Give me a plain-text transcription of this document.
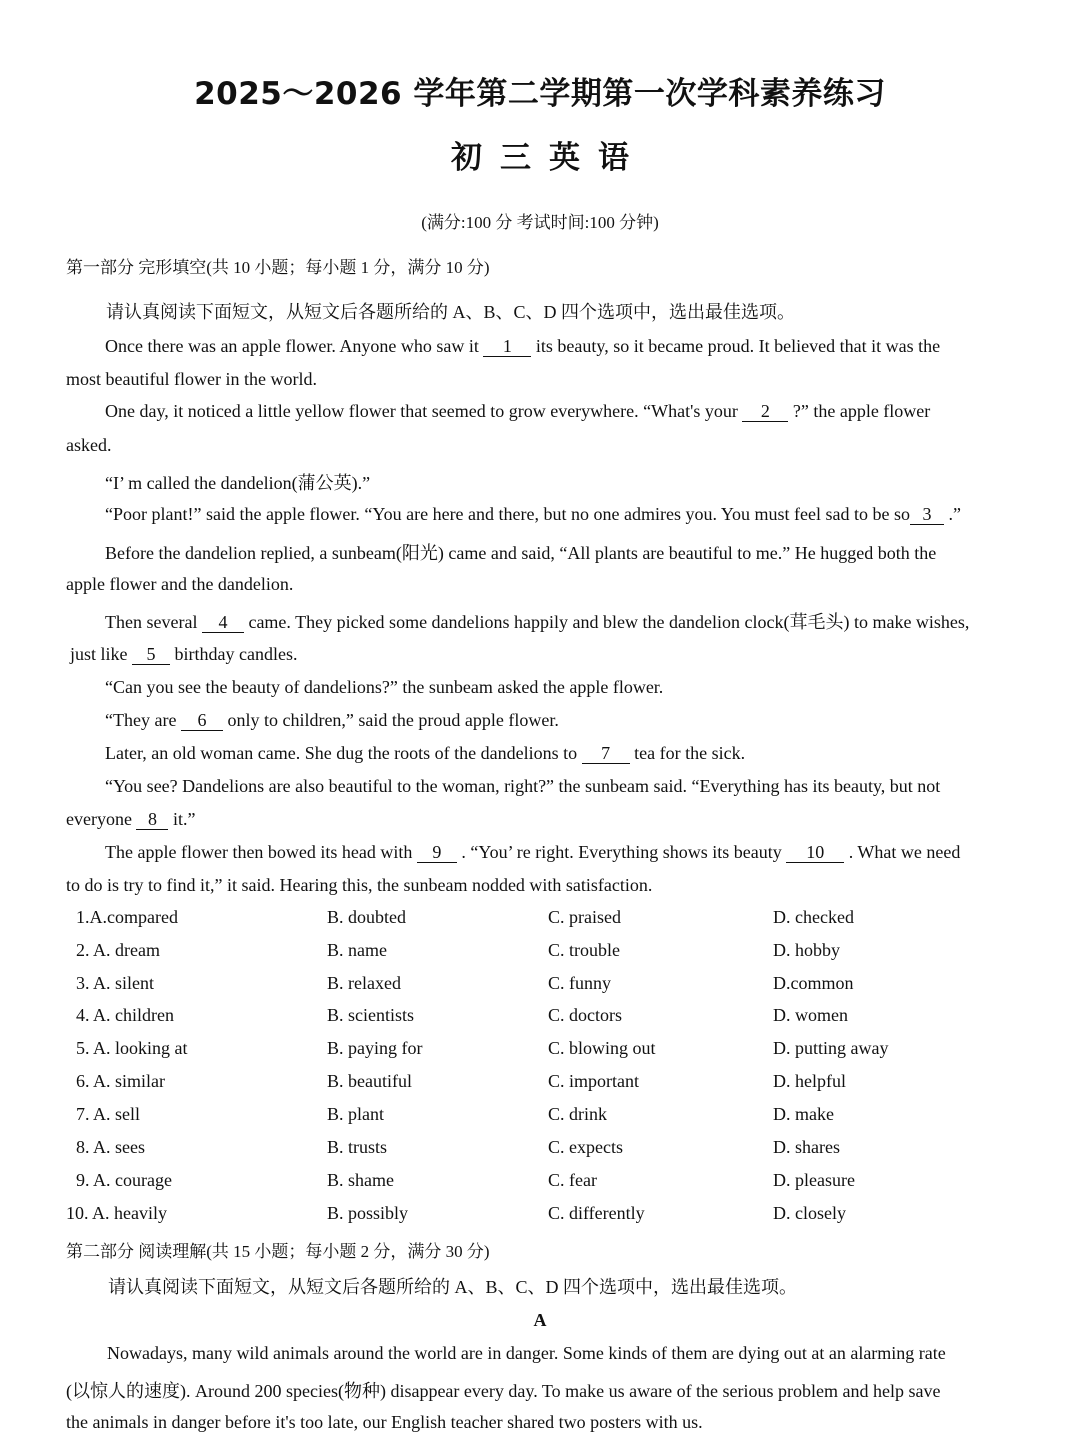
2025～2026 学年第二学期第一次学科素养练习
初三英语
(满分:100 分 考试时间:100 分钟)
第一部分 完形填空(共 10 小题；每小题 1 分，满分 10 分)
请认真阅读下面短文，从短文后各题所给的 A、B、C、D 四个选项中，选出最佳选项。
Once there was an apple flower. Anyone who saw it 1 its beauty, so it became proud. It believed that it was the
most beautiful flower in the world.
One day, it noticed a little yellow flower that seemed to grow everywhere. “What's your 2 ?” the apple flower
asked.
“I’ m called the dandelion(蒲公英).”
“Poor plant!” said the apple flower. “You are here and there, but no one admires you. You must feel sad to be so 3 .”
Before the dandelion replied, a sunbeam(阳光) came and said, “All plants are beautiful to me.” He hugged both the
apple flower and the dandelion.
Then several 4 came. They picked some dandelions happily and blew the dandelion clock(茸毛头) to make wishes,
just like 5 birthday candles.
“Can you see the beauty of dandelions?” the sunbeam asked the apple flower.
“They are 6 only to children,” said the proud apple flower.
Later, an old woman came. She dug the roots of the dandelions to 7 tea for the sick.
“You see? Dandelions are also beautiful to the woman, right?” the sunbeam said. “Everything has its beauty, but not
everyone 8 it.”
The apple flower then bowed its head with 9 . “You’ re right. Everything shows its beauty 10 . What we need
to do is try to find it,” it said. Hearing this, the sunbeam nodded with satisfaction.
1.A.compared	B. doubted	C. praised	D. checked
2. A. dream	B. name	C. trouble	D. hobby
3. A. silent	B. relaxed	C. funny	D.common
4. A. children	B. scientists	C. doctors	D. women
5. A. looking at	B. paying for	C. blowing out	D. putting away
6. A. similar	B. beautiful	C. important	D. helpful
7. A. sell	B. plant	C. drink	D. make
8. A. sees	B. trusts	C. expects	D. shares
9. A. courage	B. shame	C. fear	D. pleasure
10. A. heavily	B. possibly	C. differently	D. closely
第二部分 阅读理解(共 15 小题；每小题 2 分，满分 30 分)
请认真阅读下面短文，从短文后各题所给的 A、B、C、D 四个选项中，选出最佳选项。
A
Nowadays, many wild animals around the world are in danger. Some kinds of them are dying out at an alarming rate
(以惊人的速度). Around 200 species(物种) disappear every day. To make us aware of the serious problem and help save
the animals in danger before it's too late, our English teacher shared two posters with us.
